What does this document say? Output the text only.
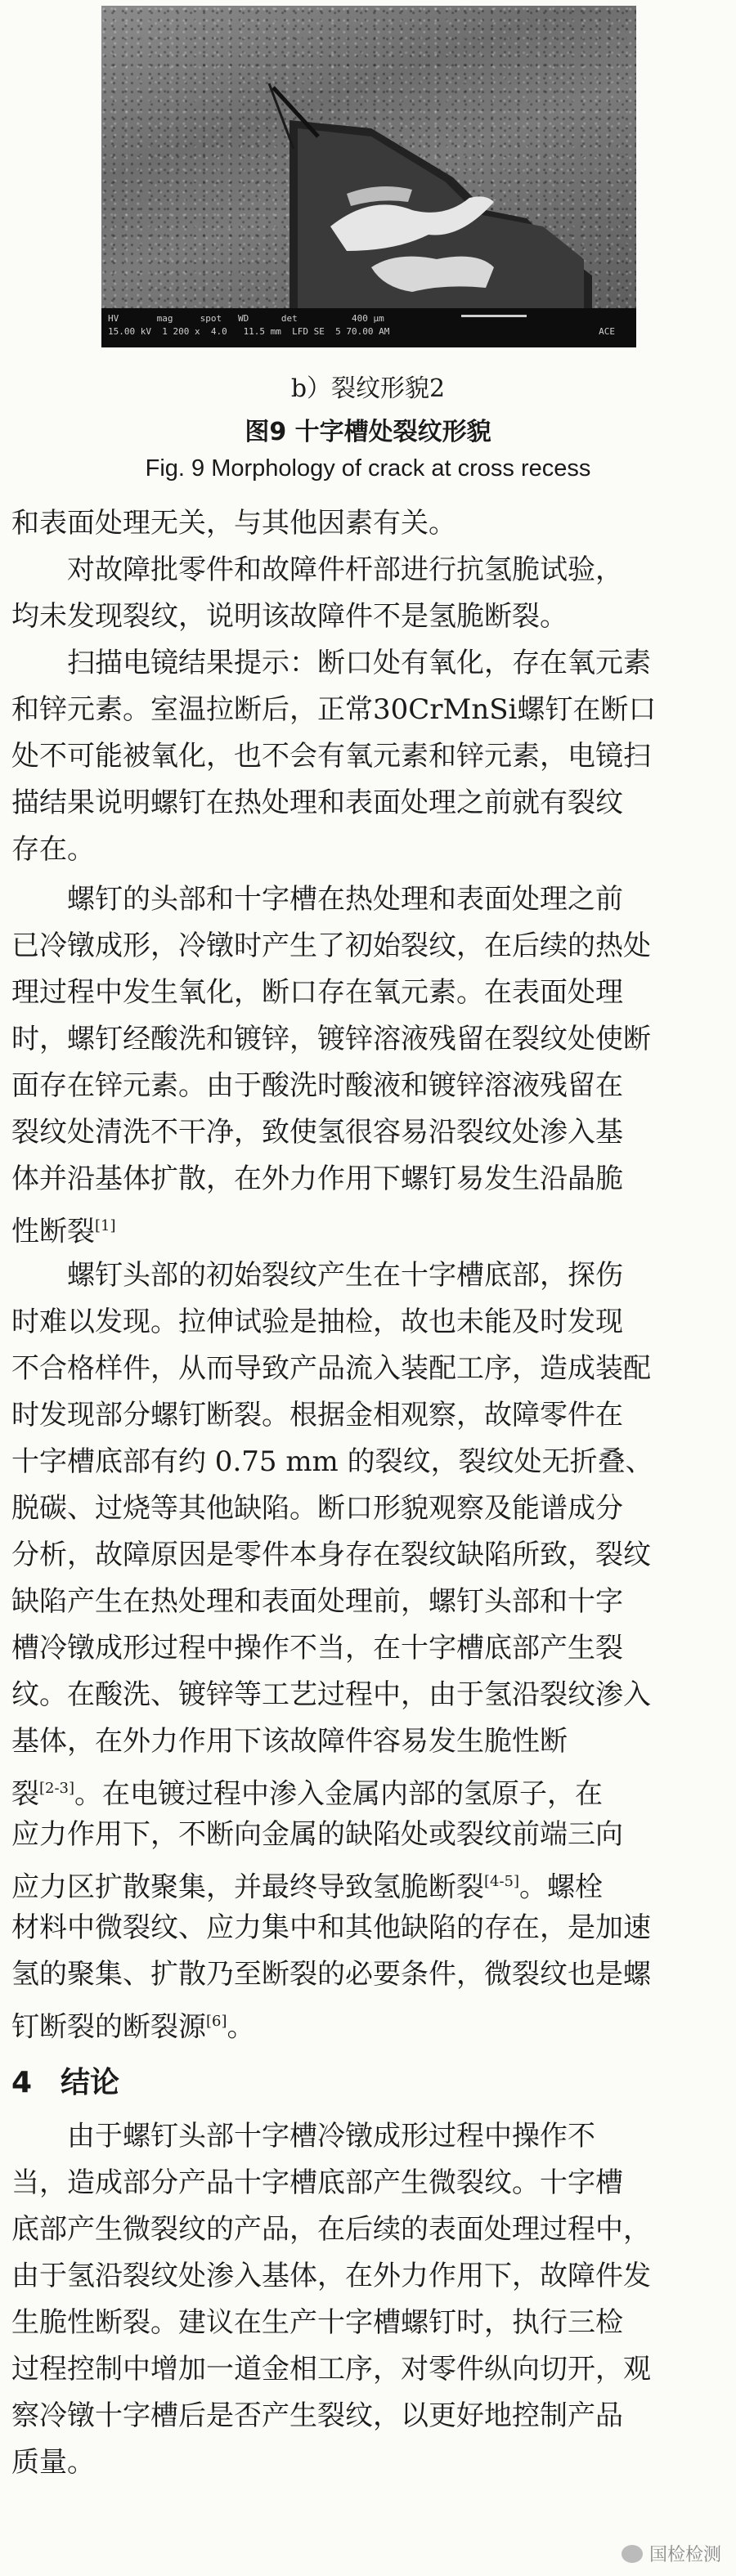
HV       mag     spot   WD      det          400 μm
15.00 kV  1 200 x  4.0   11.5 mm  LFD SE  5 70.00 AM	ACE
b）裂纹形貌2
图9 十字槽处裂纹形貌
Fig. 9 Morphology of crack at cross recess
和表面处理无关，与其他因素有关。
　　对故障批零件和故障件杆部进行抗氢脆试验，
均未发现裂纹，说明该故障件不是氢脆断裂。
　　扫描电镜结果提示：断口处有氧化，存在氧元素
和锌元素。室温拉断后，正常30CrMnSi螺钉在断口
处不可能被氧化，也不会有氧元素和锌元素，电镜扫
描结果说明螺钉在热处理和表面处理之前就有裂纹
存在。
　　螺钉的头部和十字槽在热处理和表面处理之前
已冷镦成形，冷镦时产生了初始裂纹，在后续的热处
理过程中发生氧化，断口存在氧元素。在表面处理
时，螺钉经酸洗和镀锌，镀锌溶液残留在裂纹处使断
面存在锌元素。由于酸洗时酸液和镀锌溶液残留在
裂纹处清洗不干净，致使氢很容易沿裂纹处渗入基
体并沿基体扩散，在外力作用下螺钉易发生沿晶脆
性断裂[1]
　　螺钉头部的初始裂纹产生在十字槽底部，探伤
时难以发现。拉伸试验是抽检，故也未能及时发现
不合格样件，从而导致产品流入装配工序，造成装配
时发现部分螺钉断裂。根据金相观察，故障零件在
十字槽底部有约 0.75 mm 的裂纹，裂纹处无折叠、
脱碳、过烧等其他缺陷。断口形貌观察及能谱成分
分析，故障原因是零件本身存在裂纹缺陷所致，裂纹
缺陷产生在热处理和表面处理前，螺钉头部和十字
槽冷镦成形过程中操作不当，在十字槽底部产生裂
纹。在酸洗、镀锌等工艺过程中，由于氢沿裂纹渗入
基体，在外力作用下该故障件容易发生脆性断
裂[2-3]。在电镀过程中渗入金属内部的氢原子，在
应力作用下，不断向金属的缺陷处或裂纹前端三向
应力区扩散聚集，并最终导致氢脆断裂[4-5]。螺栓
材料中微裂纹、应力集中和其他缺陷的存在，是加速
氢的聚集、扩散乃至断裂的必要条件，微裂纹也是螺
钉断裂的断裂源[6]。
4 结论
　　由于螺钉头部十字槽冷镦成形过程中操作不
当，造成部分产品十字槽底部产生微裂纹。十字槽
底部产生微裂纹的产品，在后续的表面处理过程中，
由于氢沿裂纹处渗入基体，在外力作用下，故障件发
生脆性断裂。建议在生产十字槽螺钉时，执行三检
过程控制中增加一道金相工序，对零件纵向切开，观
察冷镦十字槽后是否产生裂纹，以更好地控制产品
质量。
国检检测
